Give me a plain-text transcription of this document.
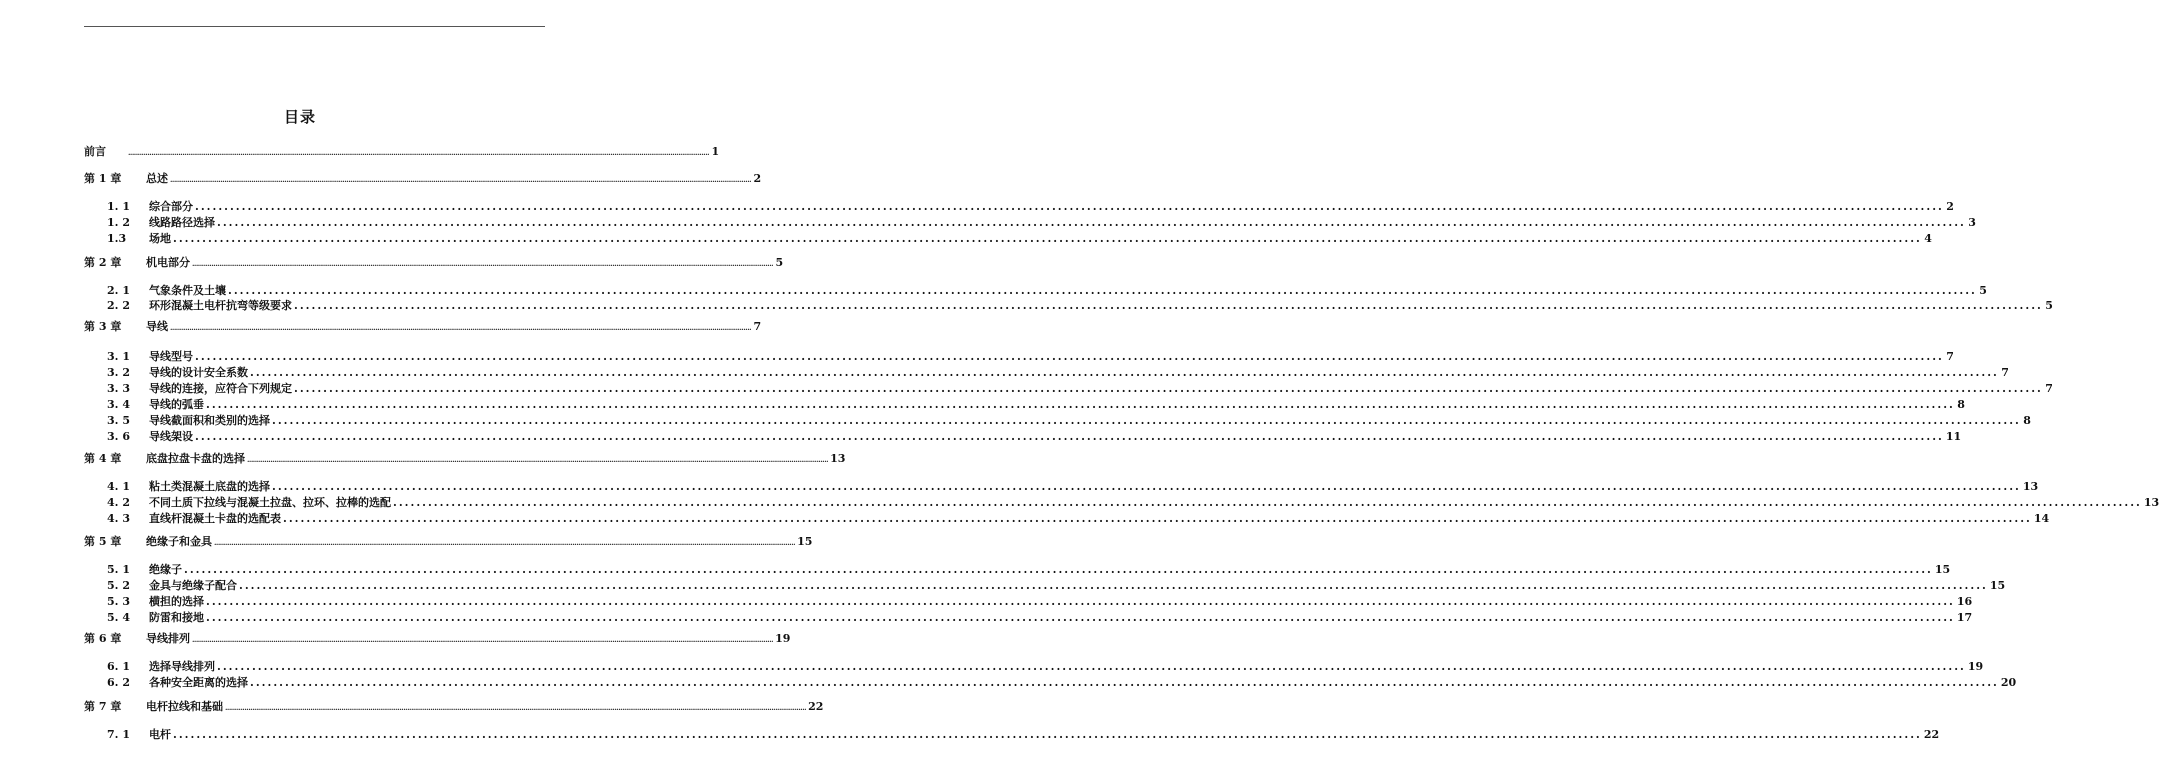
目录
前言	............................................................................................................................................................................................................................................................................................................ 1
第 1 章	总述 ............................................................................................................................................................................................................................................................................................................ 2
1. 1	综合部分 ............................................................................................................................................................................................................................................................................................................ 2
1. 2	线路路径选择 ............................................................................................................................................................................................................................................................................................................ 3
1.3	场地 ............................................................................................................................................................................................................................................................................................................ 4
第 2 章	机电部分 ............................................................................................................................................................................................................................................................................................................ 5
2. 1	气象条件及土壤 ............................................................................................................................................................................................................................................................................................................ 5
2. 2	环形混凝土电杆抗弯等级要求 ............................................................................................................................................................................................................................................................................................................ 5
第 3 章	导线 ............................................................................................................................................................................................................................................................................................................ 7
3. 1	导线型号 ............................................................................................................................................................................................................................................................................................................ 7
3. 2	导线的设计安全系数 ............................................................................................................................................................................................................................................................................................................ 7
3. 3	导线的连接，应符合下列规定 ............................................................................................................................................................................................................................................................................................................ 7
3. 4	导线的弧垂 ............................................................................................................................................................................................................................................................................................................ 8
3. 5	导线截面积和类别的选择 ............................................................................................................................................................................................................................................................................................................ 8
3. 6	导线架设 ............................................................................................................................................................................................................................................................................................................ 11
第 4 章	底盘拉盘卡盘的选择 ............................................................................................................................................................................................................................................................................................................ 13
4. 1	粘土类混凝土底盘的选择 ............................................................................................................................................................................................................................................................................................................ 13
4. 2	不同土质下拉线与混凝土拉盘、拉环、拉棒的选配 ............................................................................................................................................................................................................................................................................................................ 13
4. 3	直线杆混凝土卡盘的选配表 ............................................................................................................................................................................................................................................................................................................ 14
第 5 章	绝缘子和金具 ............................................................................................................................................................................................................................................................................................................ 15
5. 1	绝缘子 ............................................................................................................................................................................................................................................................................................................ 15
5. 2	金具与绝缘子配合 ............................................................................................................................................................................................................................................................................................................ 15
5. 3	横担的选择 ............................................................................................................................................................................................................................................................................................................ 16
5. 4	防雷和接地 ............................................................................................................................................................................................................................................................................................................ 17
第 6 章	导线排列 ............................................................................................................................................................................................................................................................................................................ 19
6. 1	选择导线排列 ............................................................................................................................................................................................................................................................................................................ 19
6. 2	各种安全距离的选择 ............................................................................................................................................................................................................................................................................................................ 20
第 7 章	电杆拉线和基础 ............................................................................................................................................................................................................................................................................................................ 22
7. 1	电杆 ............................................................................................................................................................................................................................................................................................................ 22
